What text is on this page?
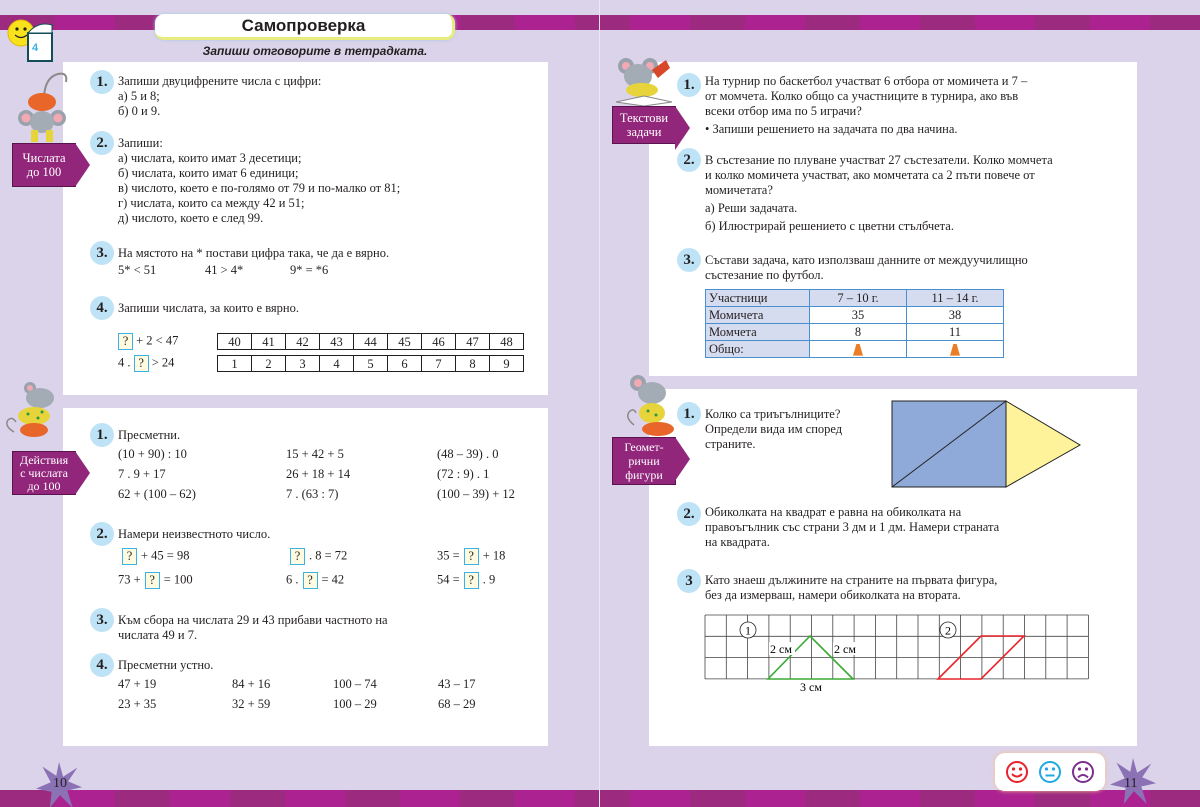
4
Самопроверка
Запиши отговорите в тетрадката.
Числата
до 100
1. Запиши двуцифрените числа с цифри:
а) 5 и 8;
б) 0 и 9.
2. Запиши:
а) числата, които имат 3 десетици;
б) числата, които имат 6 единици;
в) числото, което е по-голямо от 79 и по-малко от 81;
г) числата, които са между 42 и 51;
д) числото, което е след 99.
3. На мястото на * постави цифра така, че да е вярно.
5* < 51	41 > 4*	9* = *6
4. Запиши числата, за които е вярно.
? + 2 < 47
4 . ? > 24
40	41	42	43	44	45	46	47	48
1	2	3	4	5	6	7	8	9
Действия
с числата
до 100
1. Пресметни.
(10 + 90) : 10	15 + 42 + 5	(48 – 39) . 0
7 . 9 + 17	26 + 18 + 14	(72 : 9) . 1
62 + (100 – 62)	7 . (63 : 7)	(100 – 39) + 12
2. Намери неизвестното число.
? + 45 = 98	? . 8 = 72	35 = ? + 18
73 + ? = 100	6 . ? = 42	54 = ? . 9
3. Към сбора на числата 29 и 43 прибави частното на
числата 49 и 7.
4. Пресметни устно.
47 + 19	84 + 16	100 – 74	43 – 17
23 + 35	32 + 59	100 – 29	68 – 29
10
Текстови
задачи
1. На турнир по баскетбол участват 6 отбора от момичета и 7 –
от момчета. Колко общо са участниците в турнира, ако във
всеки отбор има по 5 играчи?
• Запиши решението на задачата по два начина.
2. В състезание по плуване участват 27 състезатели. Колко момчета
и колко момичета участват, ако момчетата са 2 пъти повече от
момичетата?
а) Реши задачата.
б) Илюстрирай решението с цветни стълбчета.
3. Състави задача, като използваш данните от междуучилищно
състезание по футбол.
Участници	7 – 10 г.	11 – 14 г.
Момичета	35	38
Момчета	8	11
Общо:		
Геомет-
рични
фигури
1. Колко са триъгълниците?
Определи вида им според
страните.
2. Обиколката на квадрат е равна на обиколката на
правоъгълник със страни 3 дм и 1 дм. Намери страната
на квадрата.
3 Като знаеш дължините на страните на първата фигура,
без да измерваш, намери обиколката на втората.
1	2
2 см	2 см
3 см
11
